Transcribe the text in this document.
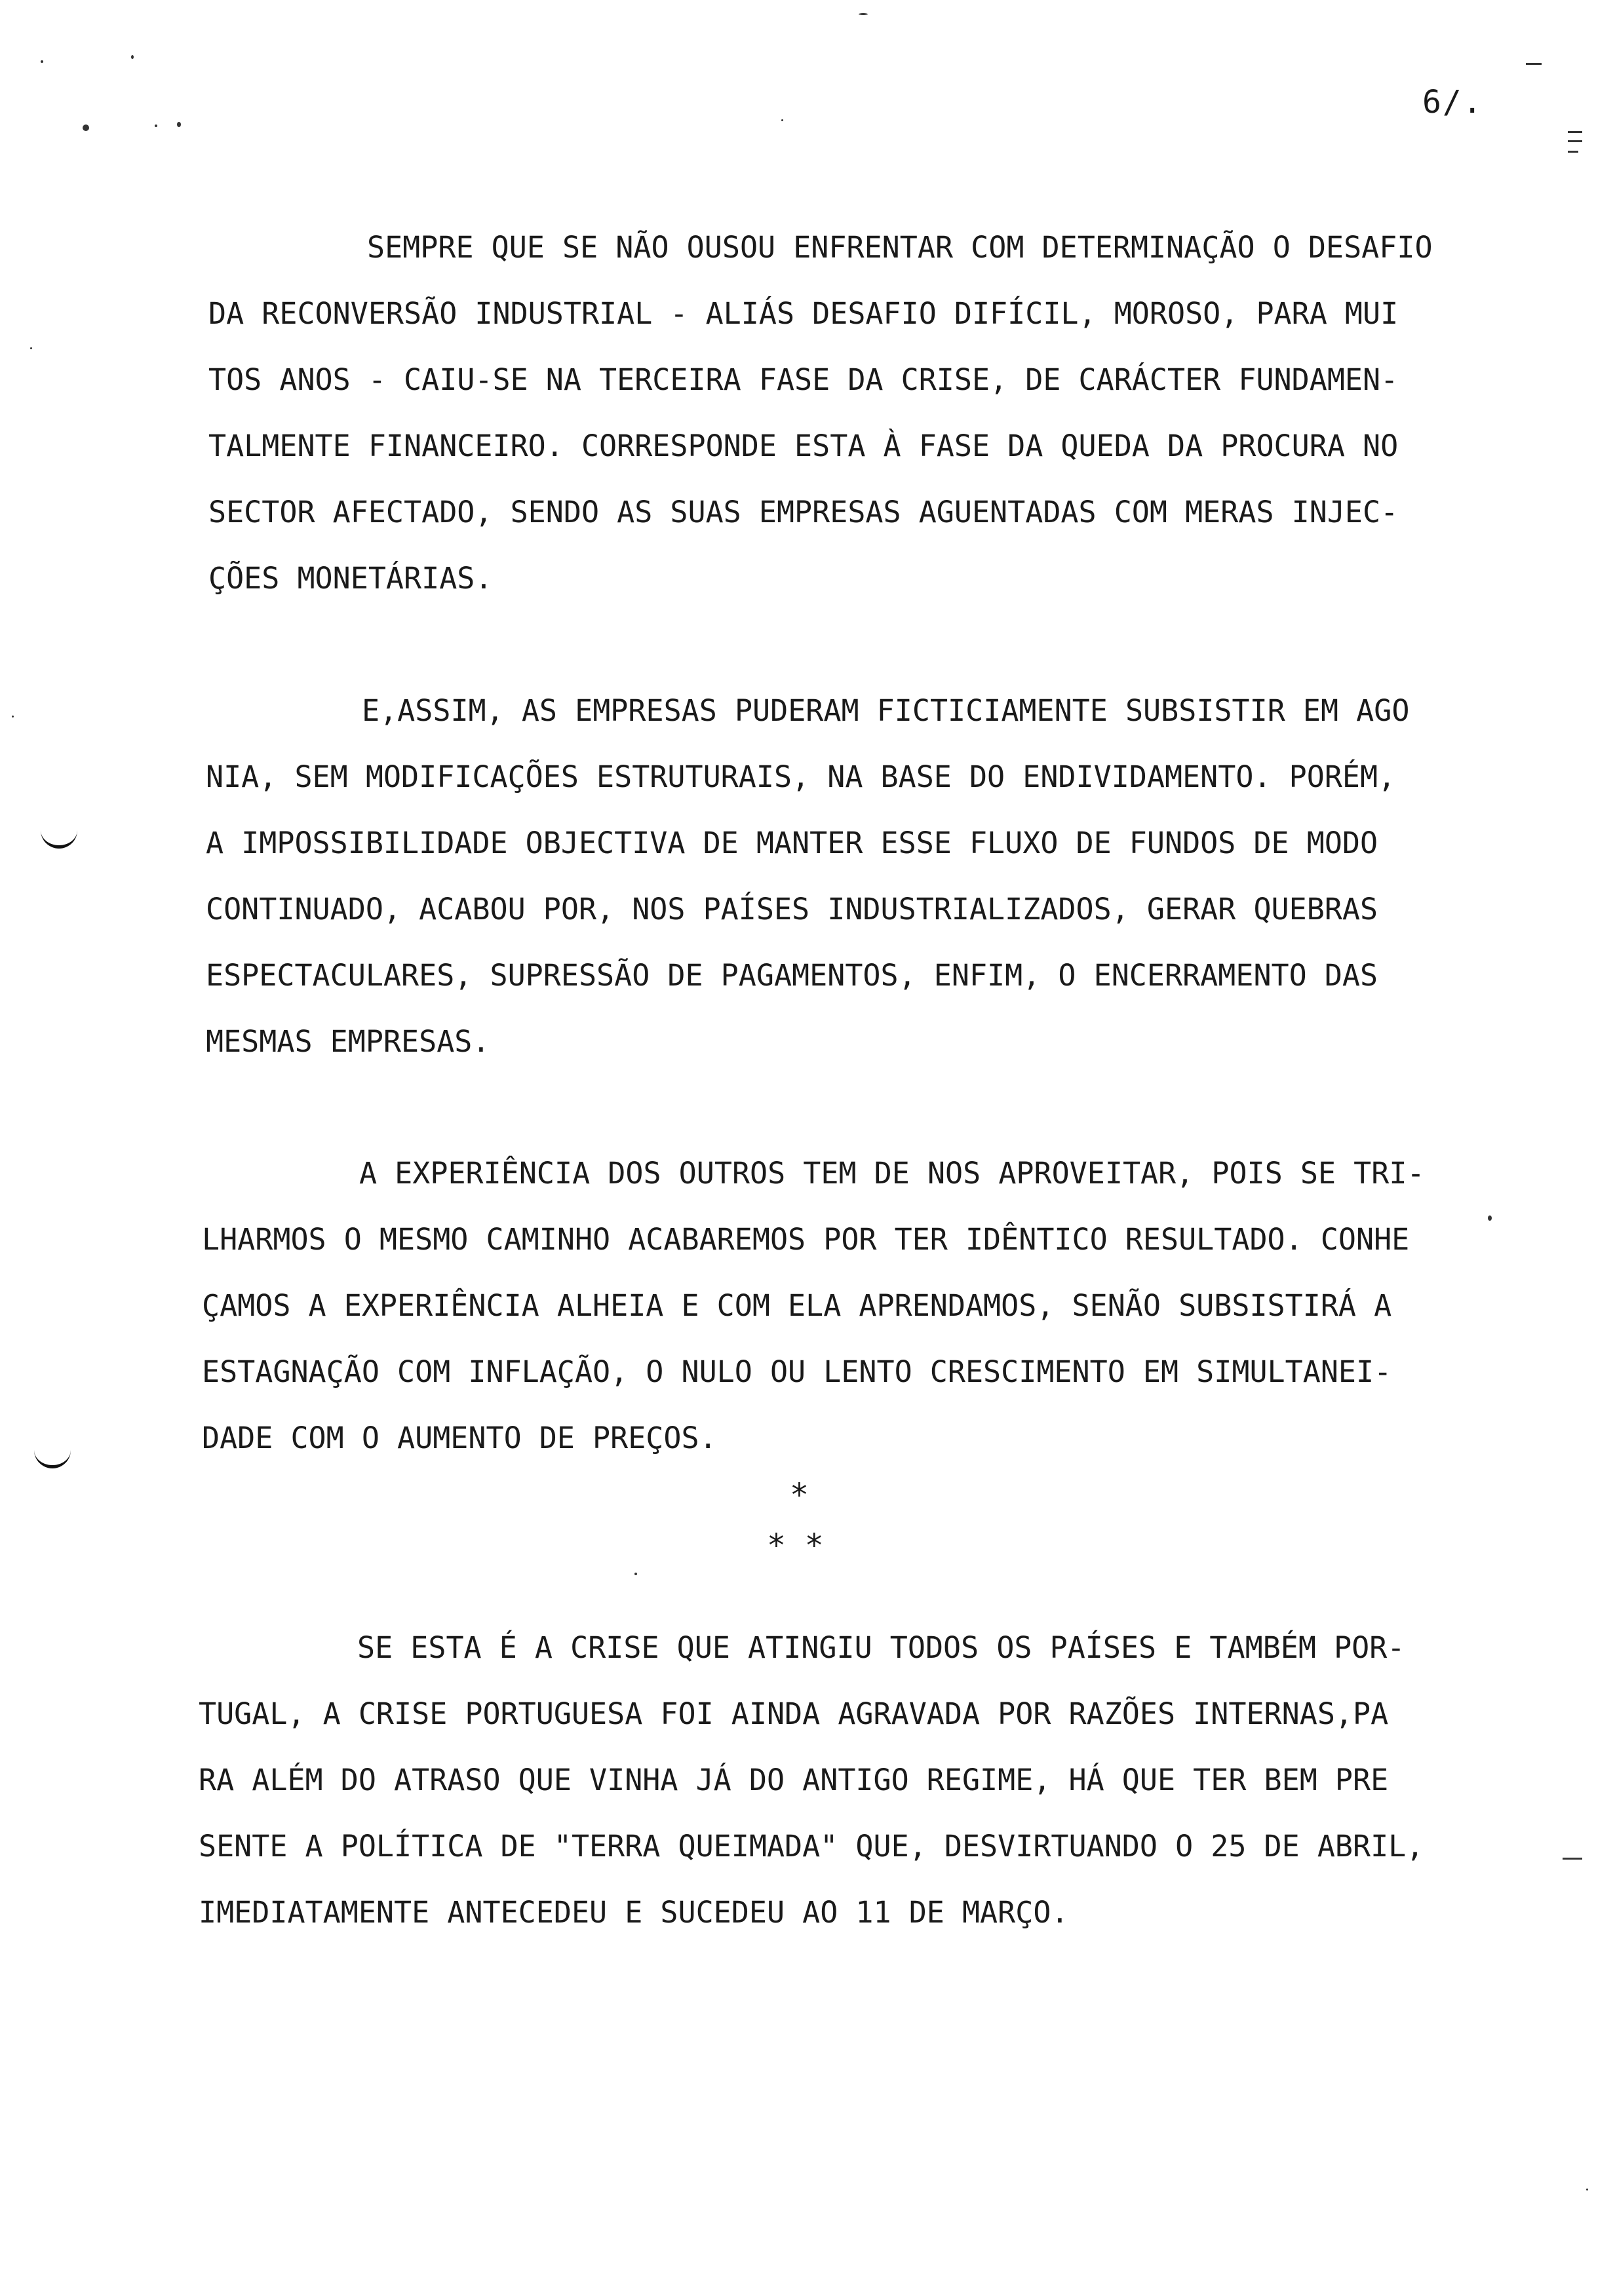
6/.
SEMPRE QUE SE NÃO OUSOU ENFRENTAR COM DETERMINAÇÃO O DESAFIO
DA RECONVERSÃO INDUSTRIAL - ALIÁS DESAFIO DIFÍCIL, MOROSO, PARA MUI
TOS ANOS - CAIU-SE NA TERCEIRA FASE DA CRISE, DE CARÁCTER FUNDAMEN-
TALMENTE FINANCEIRO. CORRESPONDE ESTA À FASE DA QUEDA DA PROCURA NO
SECTOR AFECTADO, SENDO AS SUAS EMPRESAS AGUENTADAS COM MERAS INJEC-
ÇÕES MONETÁRIAS.
E,ASSIM, AS EMPRESAS PUDERAM FICTICIAMENTE SUBSISTIR EM AGO
NIA, SEM MODIFICAÇÕES ESTRUTURAIS, NA BASE DO ENDIVIDAMENTO. PORÉM,
A IMPOSSIBILIDADE OBJECTIVA DE MANTER ESSE FLUXO DE FUNDOS DE MODO
CONTINUADO, ACABOU POR, NOS PAÍSES INDUSTRIALIZADOS, GERAR QUEBRAS
ESPECTACULARES, SUPRESSÃO DE PAGAMENTOS, ENFIM, O ENCERRAMENTO DAS
MESMAS EMPRESAS.
A EXPERIÊNCIA DOS OUTROS TEM DE NOS APROVEITAR, POIS SE TRI-
LHARMOS O MESMO CAMINHO ACABAREMOS POR TER IDÊNTICO RESULTADO. CONHE
ÇAMOS A EXPERIÊNCIA ALHEIA E COM ELA APRENDAMOS, SENÃO SUBSISTIRÁ A
ESTAGNAÇÃO COM INFLAÇÃO, O NULO OU LENTO CRESCIMENTO EM SIMULTANEI-
DADE COM O AUMENTO DE PREÇOS.
*
* *
SE ESTA É A CRISE QUE ATINGIU TODOS OS PAÍSES E TAMBÉM POR-
TUGAL, A CRISE PORTUGUESA FOI AINDA AGRAVADA POR RAZÕES INTERNAS,PA
RA ALÉM DO ATRASO QUE VINHA JÁ DO ANTIGO REGIME, HÁ QUE TER BEM PRE
SENTE A POLÍTICA DE "TERRA QUEIMADA" QUE, DESVIRTUANDO O 25 DE ABRIL,
IMEDIATAMENTE ANTECEDEU E SUCEDEU AO 11 DE MARÇO.
